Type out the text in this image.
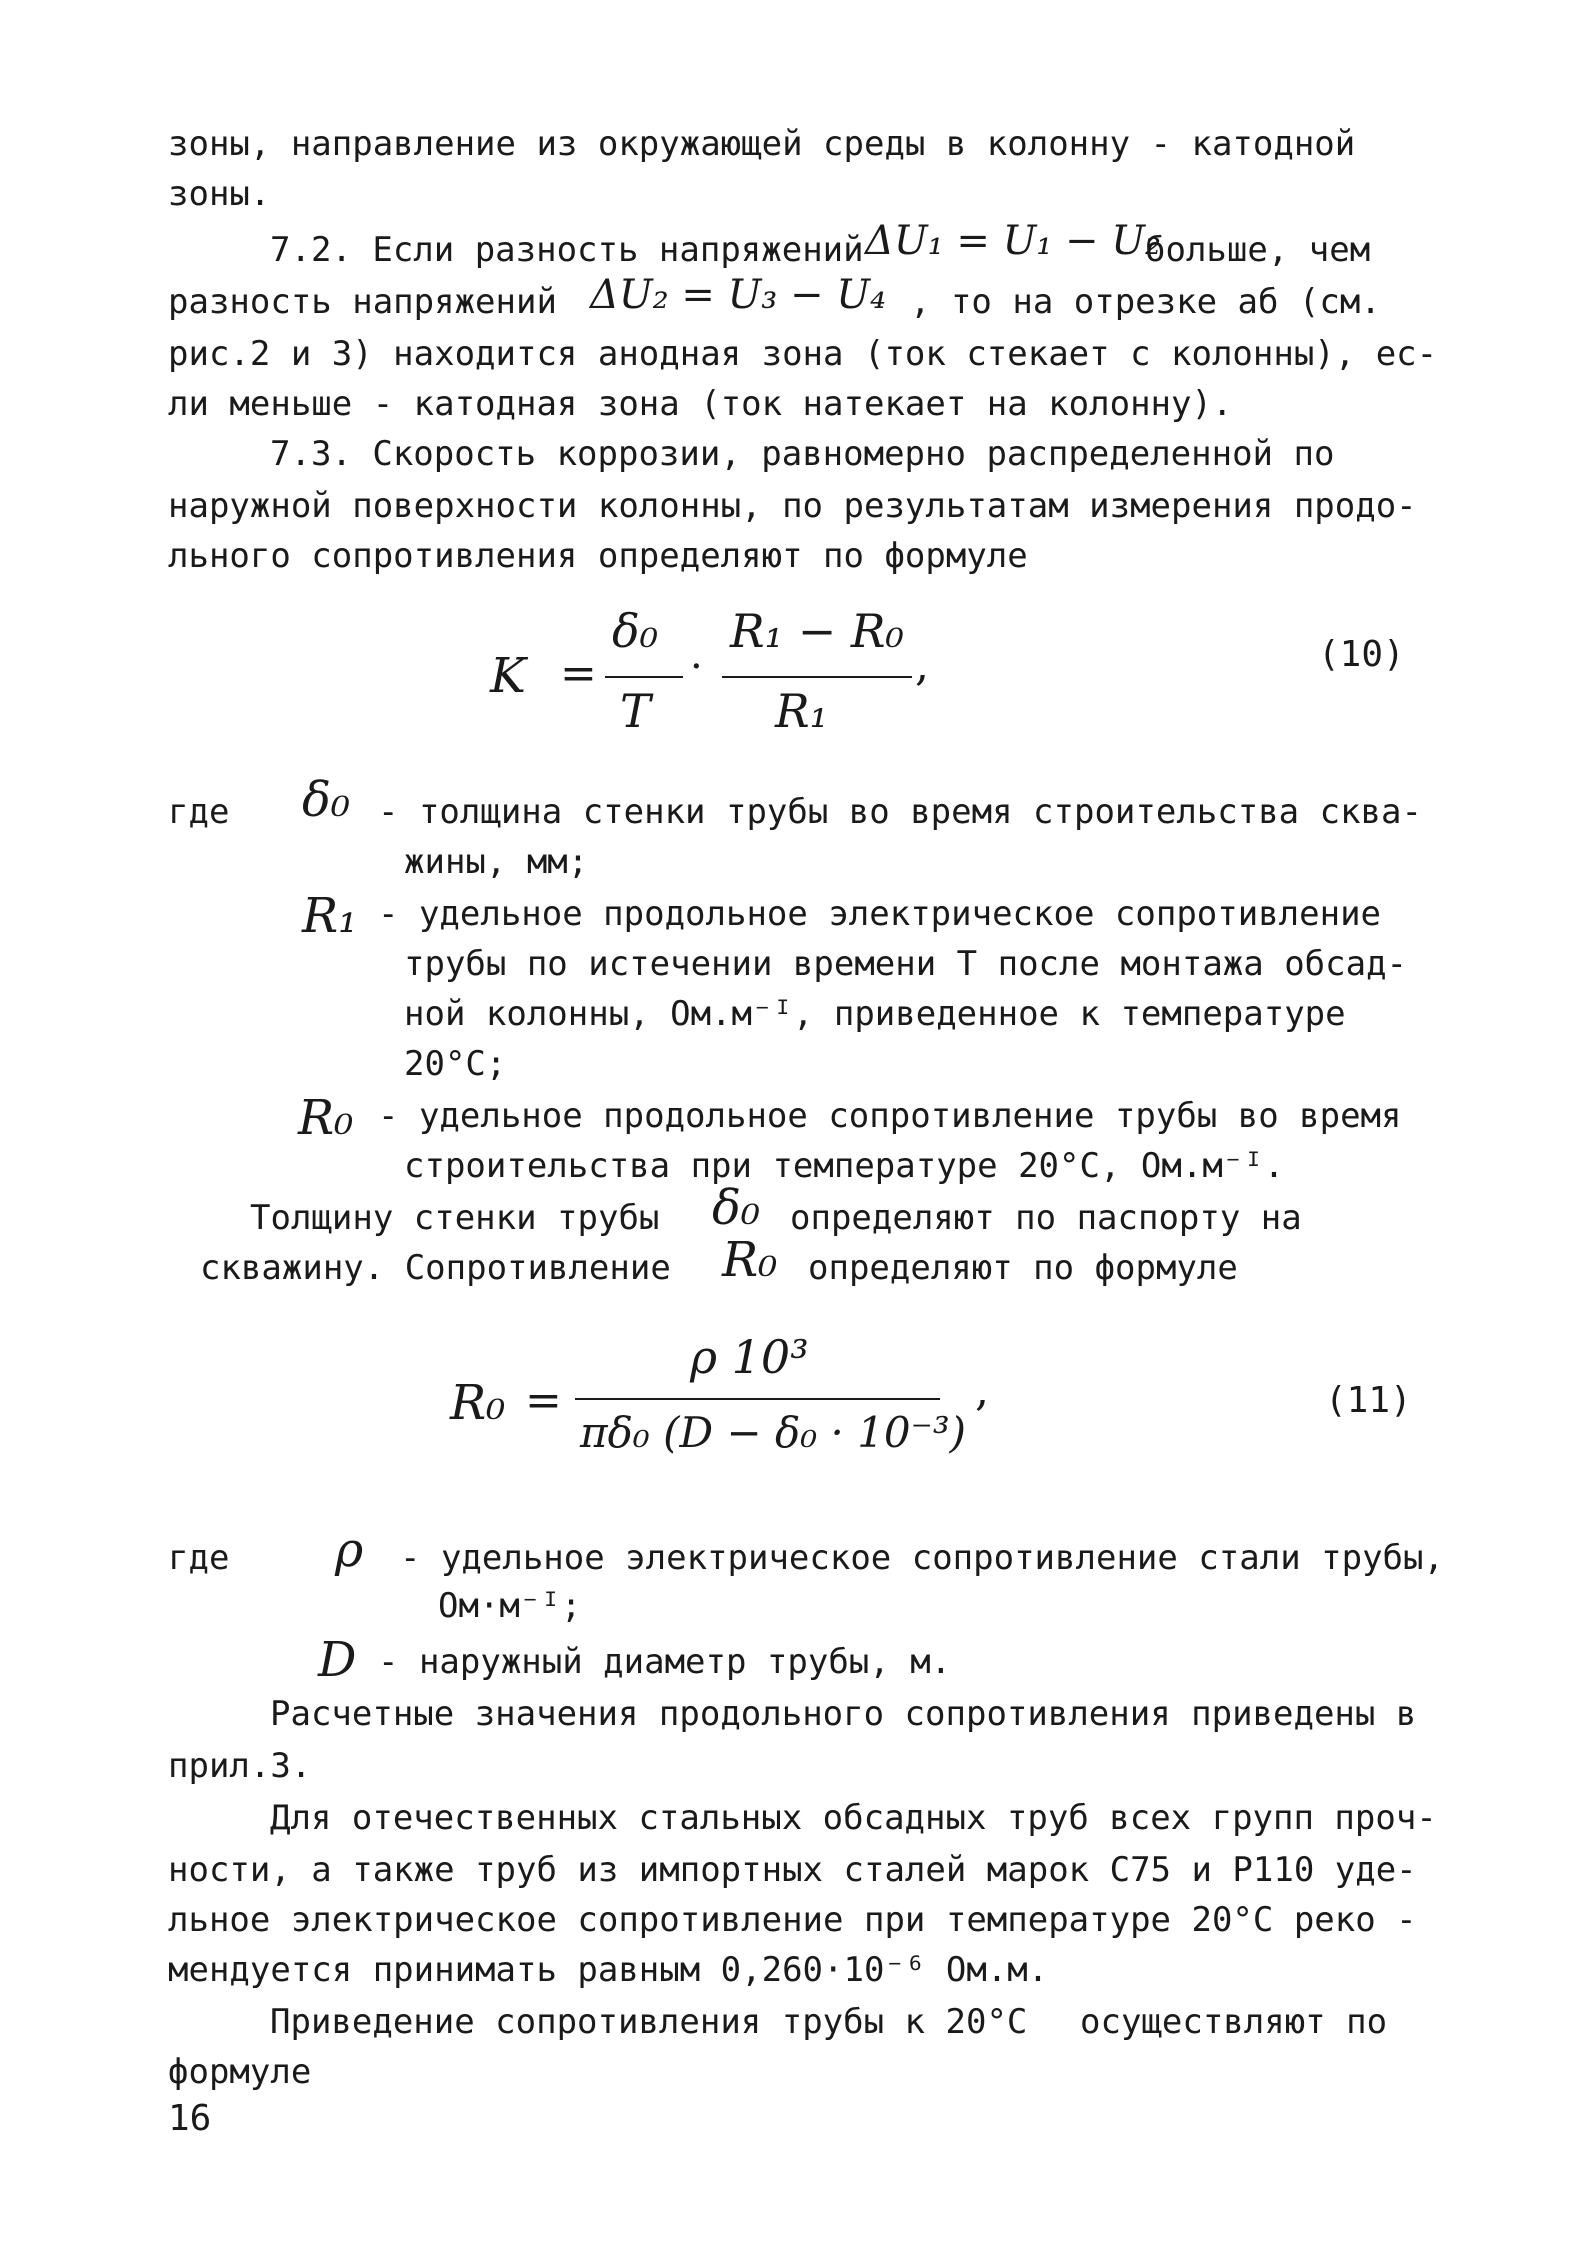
зоны, направление из окружающей среды в колонну - катодной
зоны.
7.2. Если разность напряжений ΔU₁ = U₁ − U₂
больше, чем
разность напряжений ΔU₂ = U₃ − U₄ , то на отрезке аб (см.
рис.2 и 3) находится анодная зона (ток стекает с колонны), ес-
ли меньше - катодная зона (ток натекает на колонну).
7.3. Скорость коррозии, равномерно распределенной по
наружной поверхности колонны, по результатам измерения продо-
льного сопротивления определяют по формуле
K =
δ₀
T
·
R₁ − R₀
R₁
,	(10)
где δ₀ - толщина стенки трубы во время строительства сква-
жины, мм;
R₁ - удельное продольное электрическое сопротивление
трубы по истечении времени Т после монтажа обсад-
ной колонны, Ом.м⁻ᴵ, приведенное к температуре
20°С;
R₀ - удельное продольное сопротивление трубы во время
строительства при температуре 20°С, Ом.м⁻ᴵ.
Толщину стенки трубы δ₀ определяют по паспорту на
скважину. Сопротивление R₀ определяют по формуле
R₀ =
ρ 10³
πδ₀ (D − δ₀ · 10⁻³)
,	(11)
где ρ - удельное электрическое сопротивление стали трубы,
Ом·м⁻ᴵ;
D - наружный диаметр трубы, м.
Расчетные значения продольного сопротивления приведены в
прил.3.
Для отечественных стальных обсадных труб всех групп проч-
ности, а также труб из импортных сталей марок С75 и Р110 уде-
льное электрическое сопротивление при температуре 20°С реко -
мендуется принимать равным 0,260·10⁻⁶ Ом.м.
Приведение сопротивления трубы к 20°С осуществляют по
формуле
16
